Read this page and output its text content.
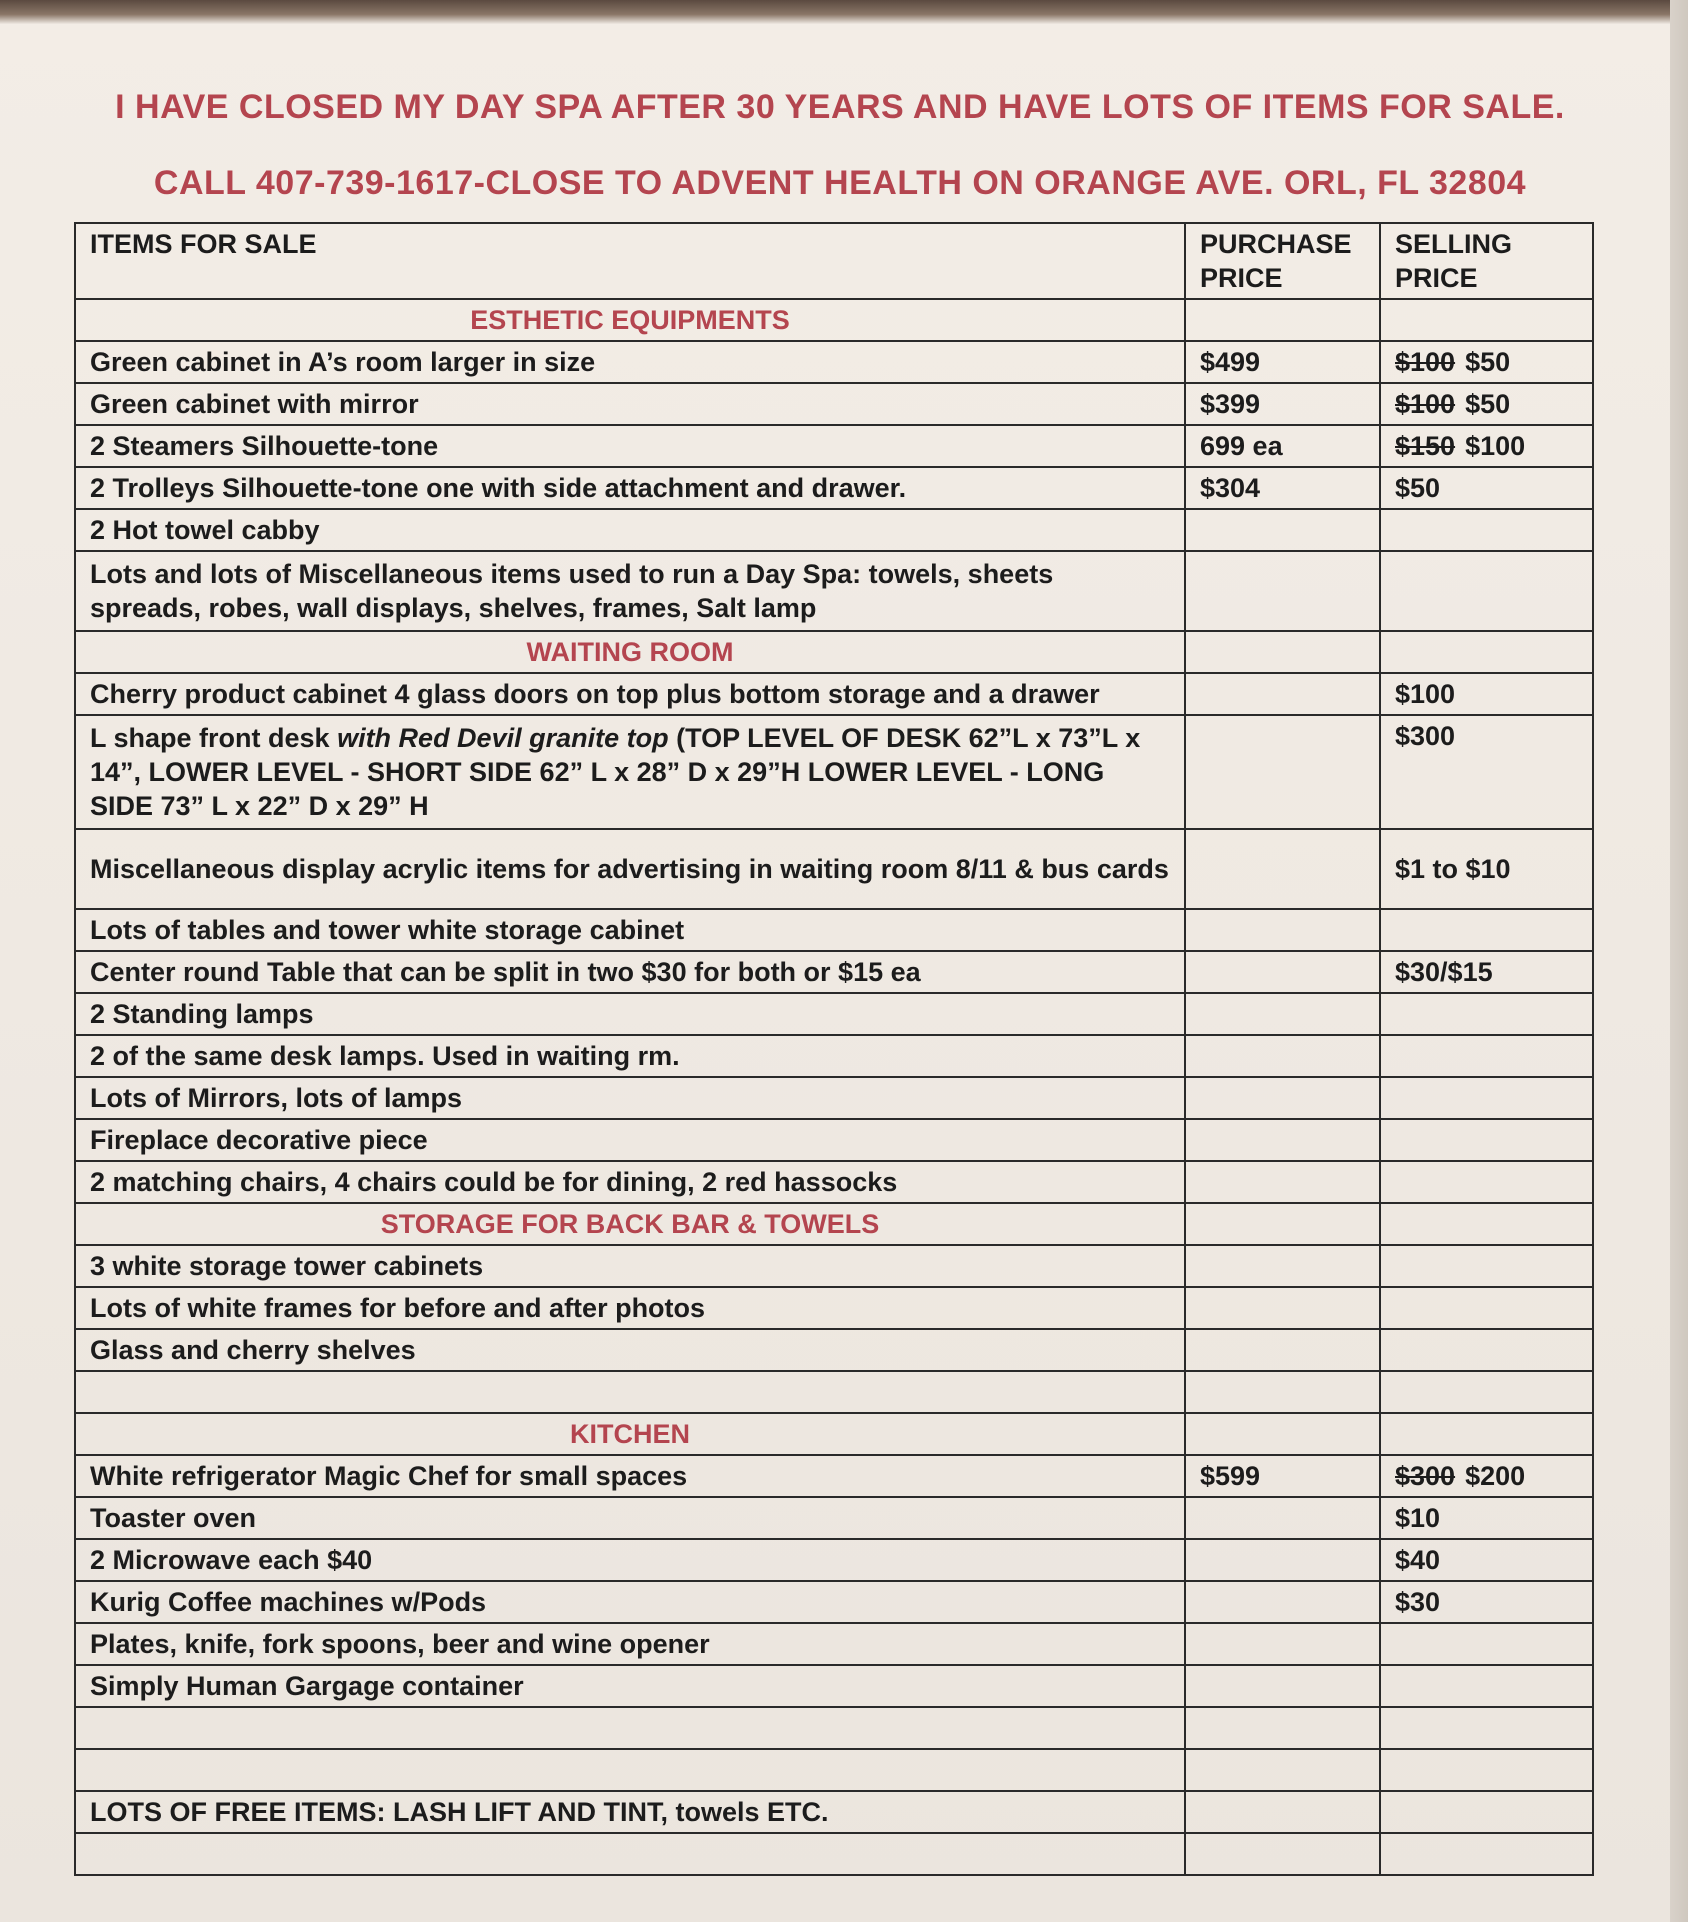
I HAVE CLOSED MY DAY SPA AFTER 30 YEARS AND HAVE LOTS OF ITEMS FOR SALE.
CALL 407-739-1617-CLOSE TO ADVENT HEALTH ON ORANGE AVE. ORL, FL 32804
ITEMS FOR SALE	PURCHASE PRICE	SELLING PRICE

ESTHETIC EQUIPMENTS		
Green cabinet in A’s room larger in size	$499	$100 $50
Green cabinet with mirror	$399	$100 $50
2 Steamers Silhouette-tone	699 ea	$150 $100
2 Trolleys Silhouette-tone one with side attachment and drawer.	$304	$50
2 Hot towel cabby		
Lots and lots of Miscellaneous items used to run a Day Spa: towels, sheets spreads, robes, wall displays, shelves, frames, Salt lamp		
WAITING ROOM		
Cherry product cabinet 4 glass doors on top plus bottom storage and a drawer		$100
L shape front desk with Red Devil granite top (TOP LEVEL OF DESK 62”L x 73”L x 14”, LOWER LEVEL - SHORT SIDE 62” L x 28” D x 29”H LOWER LEVEL - LONG SIDE 73” L x 22” D x 29” H		$300
Miscellaneous display acrylic items for advertising in waiting room 8/11 & bus cards		$1 to $10
Lots of tables and tower white storage cabinet		
Center round Table that can be split in two $30 for both or $15 ea		$30/$15
2 Standing lamps		
2 of the same desk lamps. Used in waiting rm.		
Lots of Mirrors, lots of lamps		
Fireplace decorative piece		
2 matching chairs, 4 chairs could be for dining, 2 red hassocks		
STORAGE FOR BACK BAR & TOWELS		
3 white storage tower cabinets		
Lots of white frames for before and after photos		
Glass and cherry shelves		

KITCHEN		
White refrigerator Magic Chef for small spaces	$599	$300 $200
Toaster oven		$10
2 Microwave each $40		$40
Kurig Coffee machines w/Pods		$30
Plates, knife, fork spoons, beer and wine opener		
Simply Human Gargage container		

LOTS OF FREE ITEMS: LASH LIFT AND TINT, towels ETC.		
